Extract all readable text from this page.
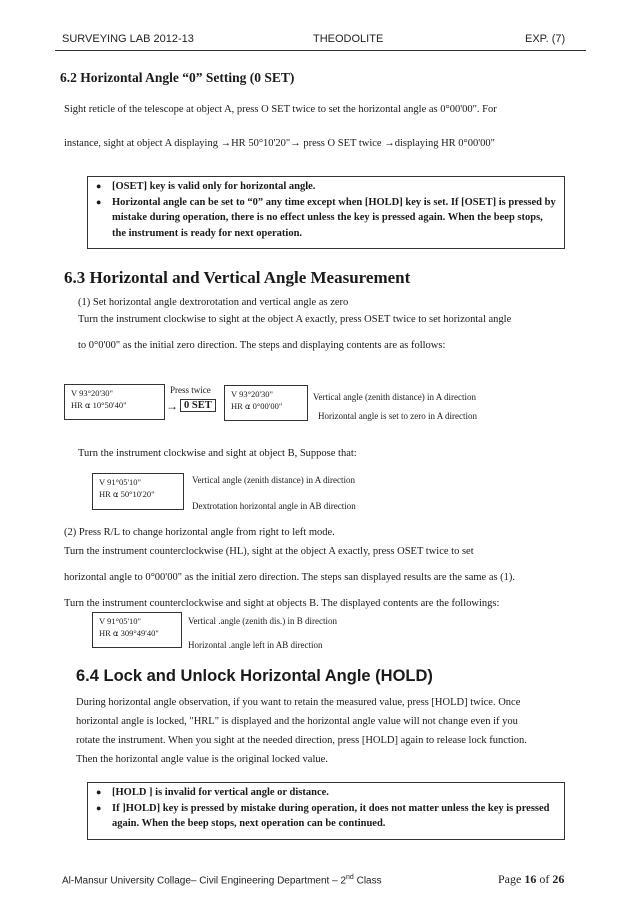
SURVEYING LAB 2012-13	THEODOLITE	EXP. (7)
6.2 Horizontal Angle “0” Setting (0 SET)
Sight reticle of the telescope at object A, press O SET twice to set the horizontal angle as 0°00'00". For
instance, sight at object A displaying →HR 50°10'20"→ press O SET twice →displaying HR 0°00'00"
● [OSET] key is valid only for horizontal angle.
● Horizontal angle can be set to “0” any time except when [HOLD] key is set. If [OSET] is pressed by mistake during operation, there is no effect unless the key is pressed again. When the beep stops, the instrument is ready for next operation.
6.3 Horizontal and Vertical Angle Measurement
(1) Set horizontal angle dextrorotation and vertical angle as zero
Turn the instrument clockwise to sight at the object A exactly, press OSET twice to set horizontal angle
to 0°0'00" as the initial zero direction. The steps and displaying contents are as follows:
V 93°20'30"
HR ⍺ 10°50'40"
Press twice
→ 0 SET
V 93°20'30"
HR ⍺ 0°00'00"
Vertical angle (zenith distance) in A direction
Horizontal angle is set to zero in A direction
Turn the instrument clockwise and sight at object B, Suppose that:
V 91°05'10"
HR ⍺ 50°10'20"
Vertical angle (zenith distance) in A direction
Dextrotation horizontal angle in AB direction
(2) Press R/L to change horizontal angle from right to left mode.
Turn the instrument counterclockwise (HL), sight at the object A exactly, press OSET twice to set
horizontal angle to 0°00'00" as the initial zero direction. The steps san displayed results are the same as (1).
Turn the instrument counterclockwise and sight at objects B. The displayed contents are the followings:
V 91°05'10"
HR ⍺ 309°49'40"
Vertical .angle (zenith dis.) in B direction
Horizontal .angle left in AB direction
6.4 Lock and Unlock Horizontal Angle (HOLD)
During horizontal angle observation, if you want to retain the measured value, press [HOLD] twice. Once
horizontal angle is locked, "HRL" is displayed and the horizontal angle value will not change even if you
rotate the instrument. When you sight at the needed direction, press [HOLD] again to release lock function.
Then the horizontal angle value is the original locked value.
● [HOLD ] is invalid for vertical angle or distance.
● If ]HOLD] key is pressed by mistake during operation, it does not matter unless the key is pressed again. When the beep stops, next operation can be continued.
Al-Mansur University Collage– Civil Engineering Department – 2nd Class	Page 16 of 26
